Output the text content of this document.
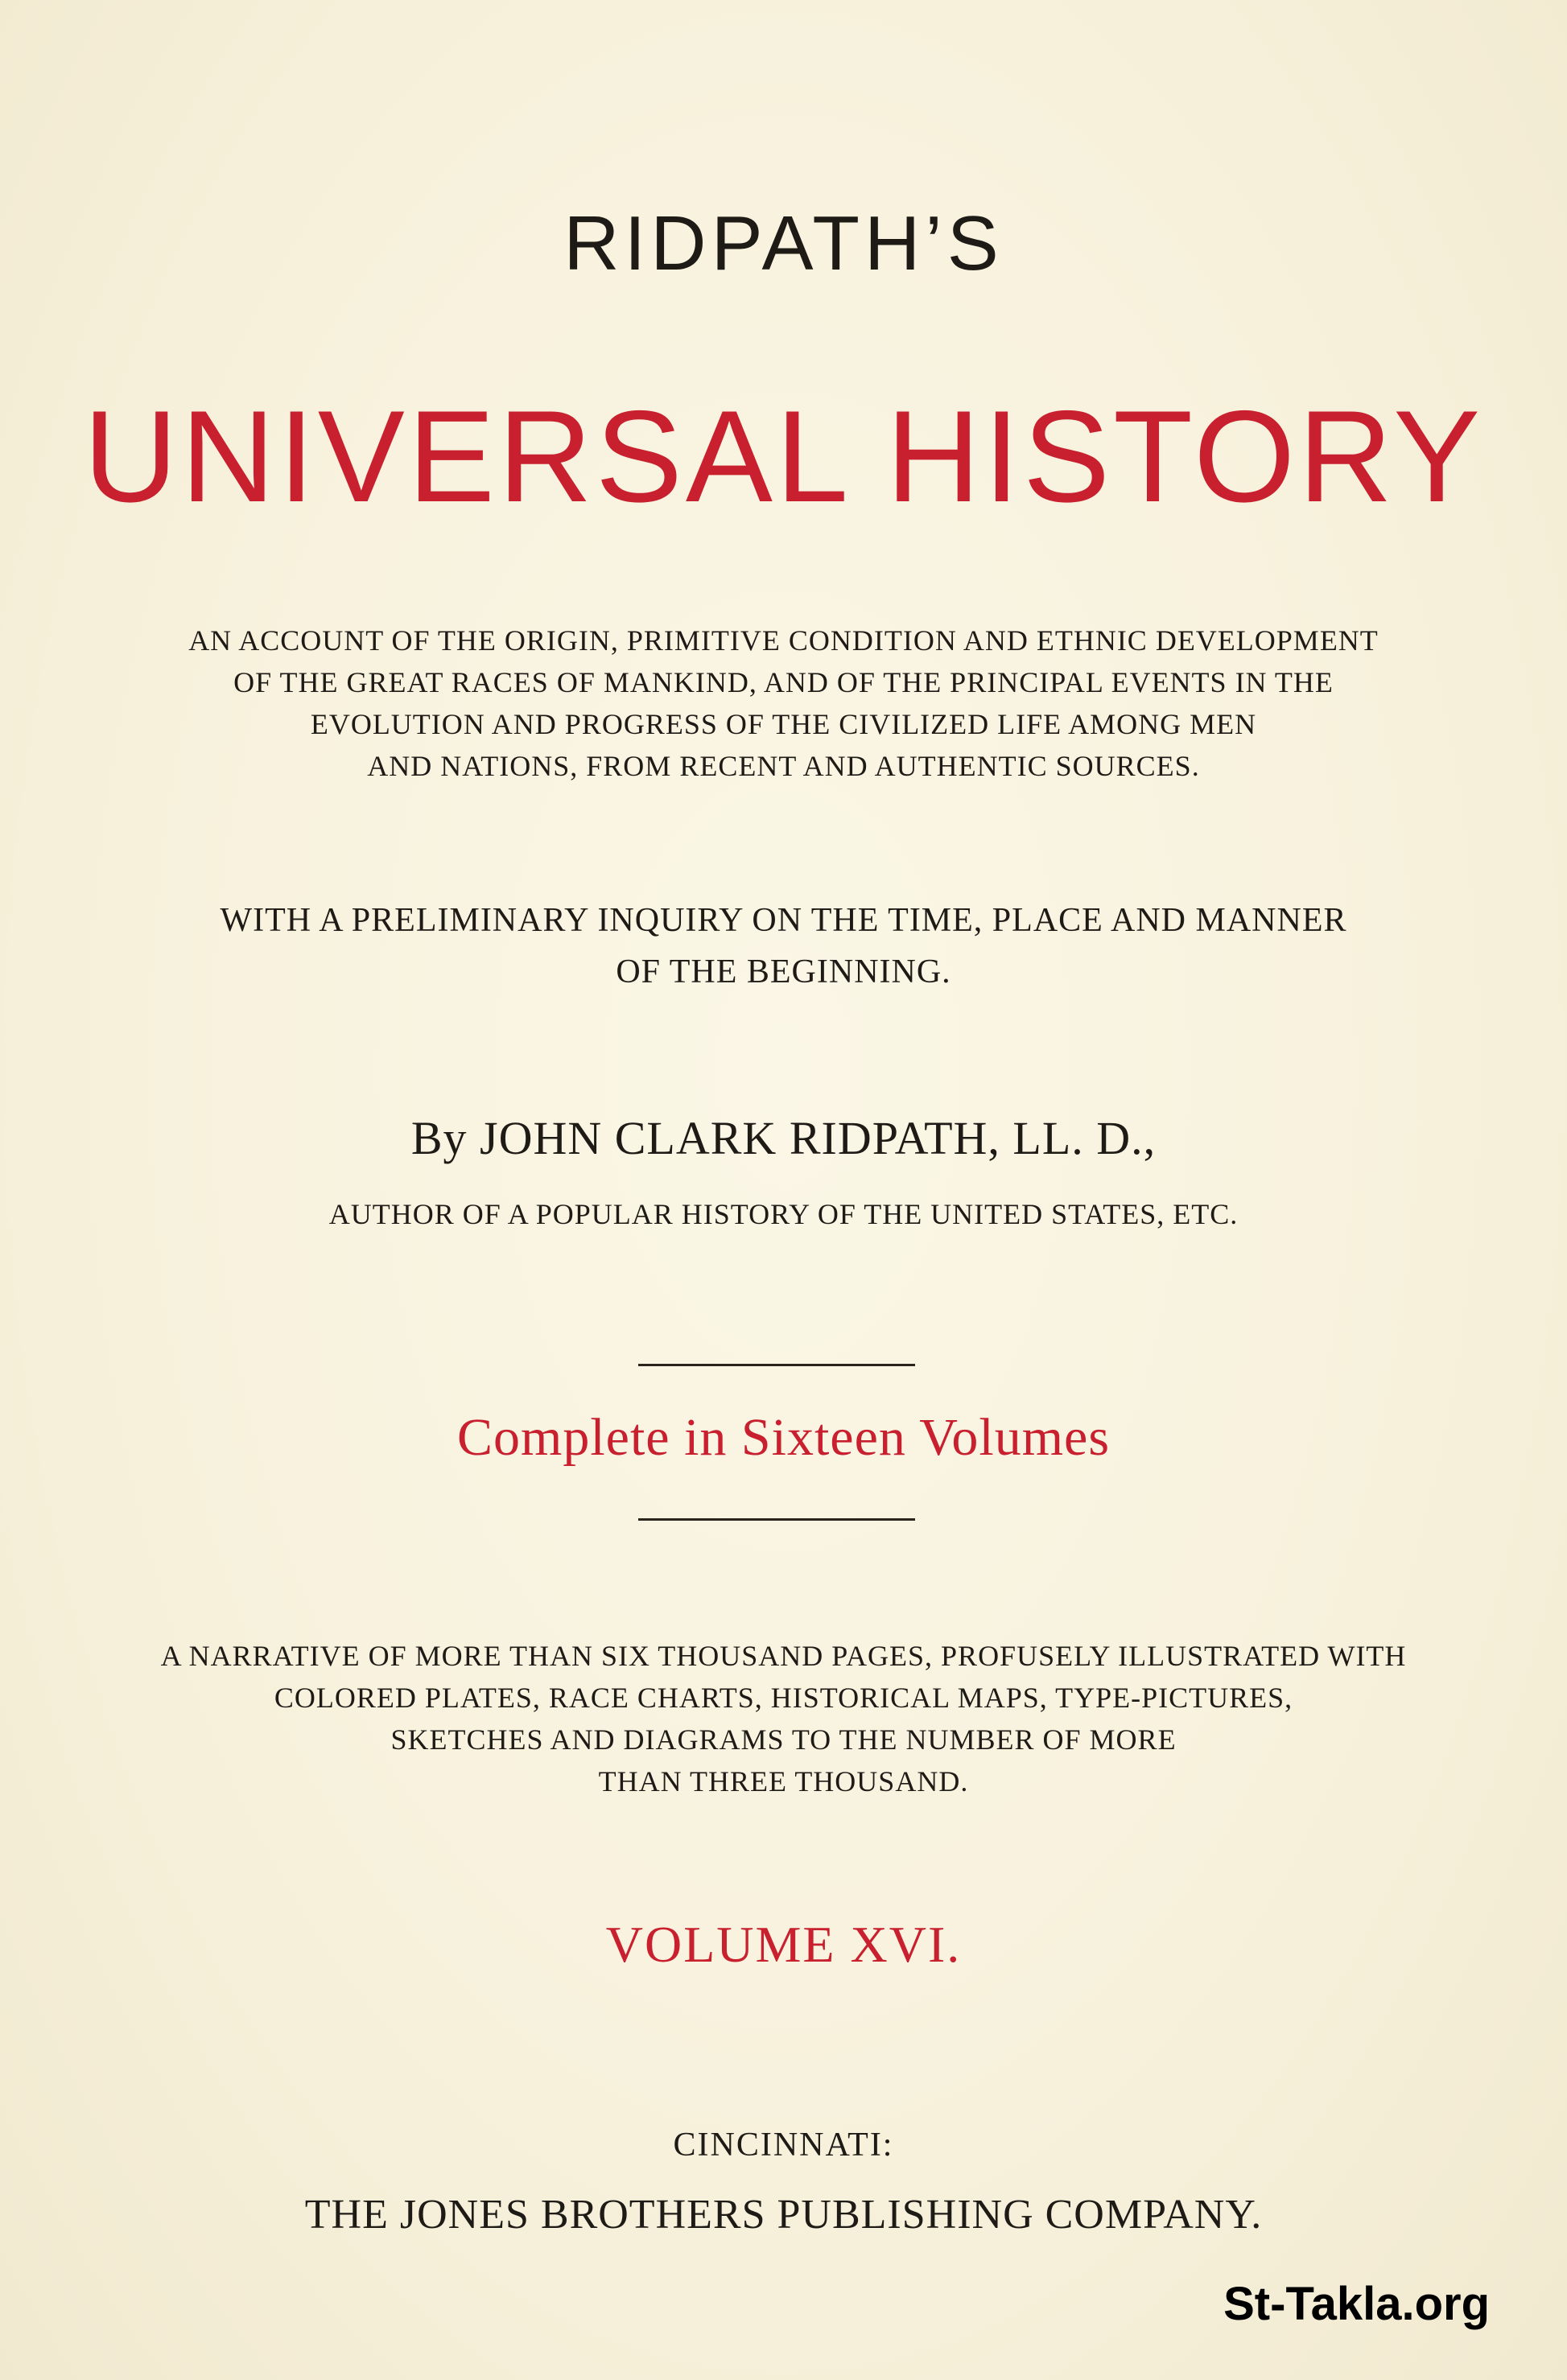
RIDPATH’S
UNIVERSAL HISTORY
AN ACCOUNT OF THE ORIGIN, PRIMITIVE CONDITION AND ETHNIC DEVELOPMENT
OF THE GREAT RACES OF MANKIND, AND OF THE PRINCIPAL EVENTS IN THE
EVOLUTION AND PROGRESS OF THE CIVILIZED LIFE AMONG MEN
AND NATIONS, FROM RECENT AND AUTHENTIC SOURCES.
WITH A PRELIMINARY INQUIRY ON THE TIME, PLACE AND MANNER
OF THE BEGINNING.
By JOHN CLARK RIDPATH, LL. D.,
AUTHOR OF A POPULAR HISTORY OF THE UNITED STATES, ETC.
Complete in Sixteen Volumes
A NARRATIVE OF MORE THAN SIX THOUSAND PAGES, PROFUSELY ILLUSTRATED WITH
COLORED PLATES, RACE CHARTS, HISTORICAL MAPS, TYPE-PICTURES,
SKETCHES AND DIAGRAMS TO THE NUMBER OF MORE
THAN THREE THOUSAND.
VOLUME XVI.
CINCINNATI:
THE JONES BROTHERS PUBLISHING COMPANY.
St-Takla.org
